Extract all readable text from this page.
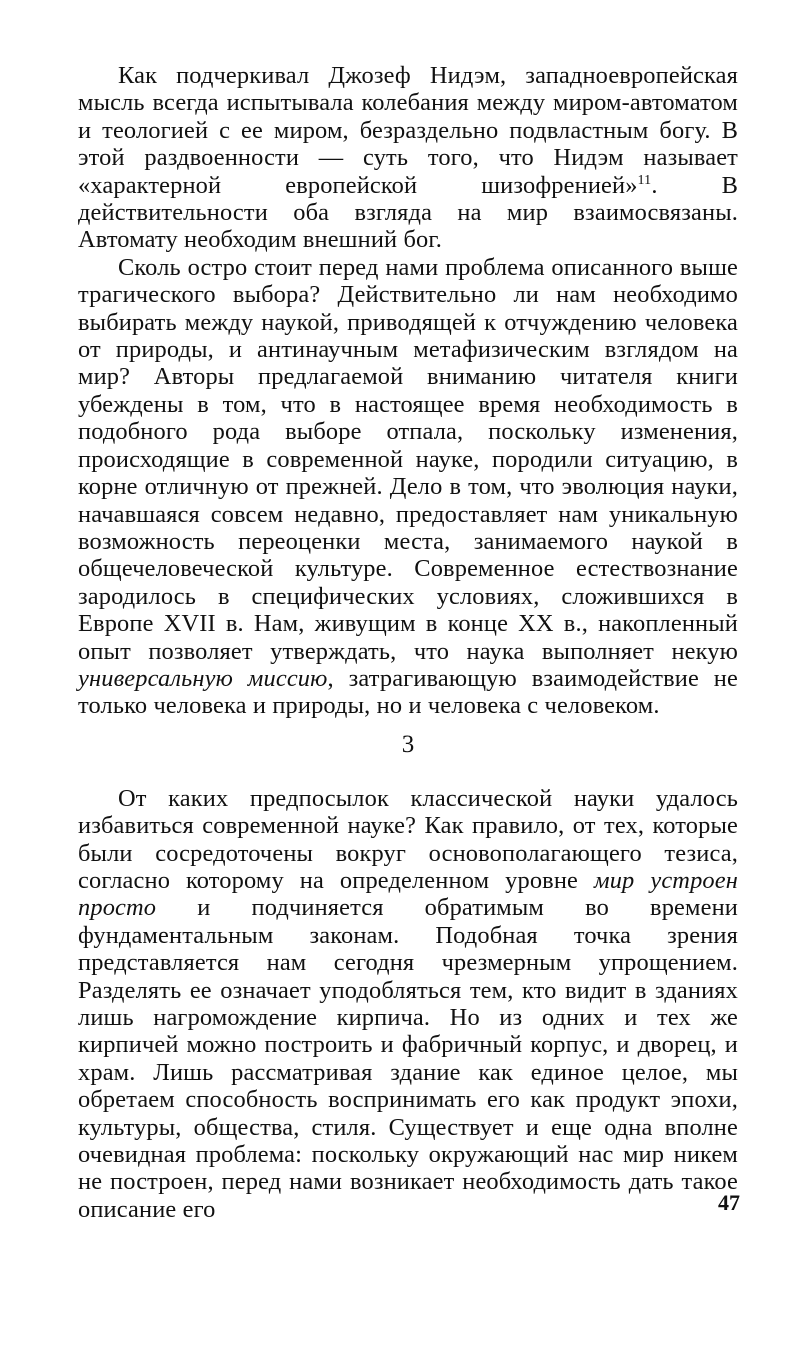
Как подчеркивал Джозеф Нидэм, западноевропейская мысль всегда испытывала колебания между миром-автоматом и теологией с ее миром, безраздельно подвластным богу. В этой раздвоенности — суть того, что Нидэм называет «характерной европейской шизофренией»$^{11}$. В действительности оба взгляда на мир взаимосвязаны. Автомату необходим внешний бог.

Сколь остро стоит перед нами проблема описанного выше трагического выбора? Действительно ли нам необходимо выбирать между наукой, приводящей к отчуждению человека от природы, и антинаучным метафизическим взглядом на мир? Авторы предлагаемой вниманию читателя книги убеждены в том, что в настоящее время необходимость в подобного рода выборе отпала, поскольку изменения, происходящие в современной науке, породили ситуацию, в корне отличную от прежней. Дело в том, что эволюция науки, начавшаяся совсем недавно, предоставляет нам уникальную возможность переоценки места, занимаемого наукой в общечеловеческой культуре. Современное естествознание зародилось в специфических условиях, сложившихся в Европе XVII в. Нам, живущим в конце XX в., накопленный опыт позволяет утверждать, что наука выполняет некую универсальную миссию, затрагивающую взаимодействие не только человека и природы, но и человека с человеком.

3

От каких предпосылок классической науки удалось избавиться современной науке? Как правило, от тех, которые были сосредоточены вокруг основополагающего тезиса, согласно которому на определенном уровне мир устроен просто и подчиняется обратимым во времени фундаментальным законам. Подобная точка зрения представляется нам сегодня чрезмерным упрощением. Разделять ее означает уподобляться тем, кто видит в зданиях лишь нагромождение кирпича. Но из одних и тех же кирпичей можно построить и фабричный корпус, и дворец, и храм. Лишь рассматривая здание как единое целое, мы обретаем способность воспринимать его как продукт эпохи, культуры, общества, стиля. Существует и еще одна вполне очевидная проблема: поскольку окружающий нас мир никем не построен, перед нами возникает необходимость дать такое описание его	47
